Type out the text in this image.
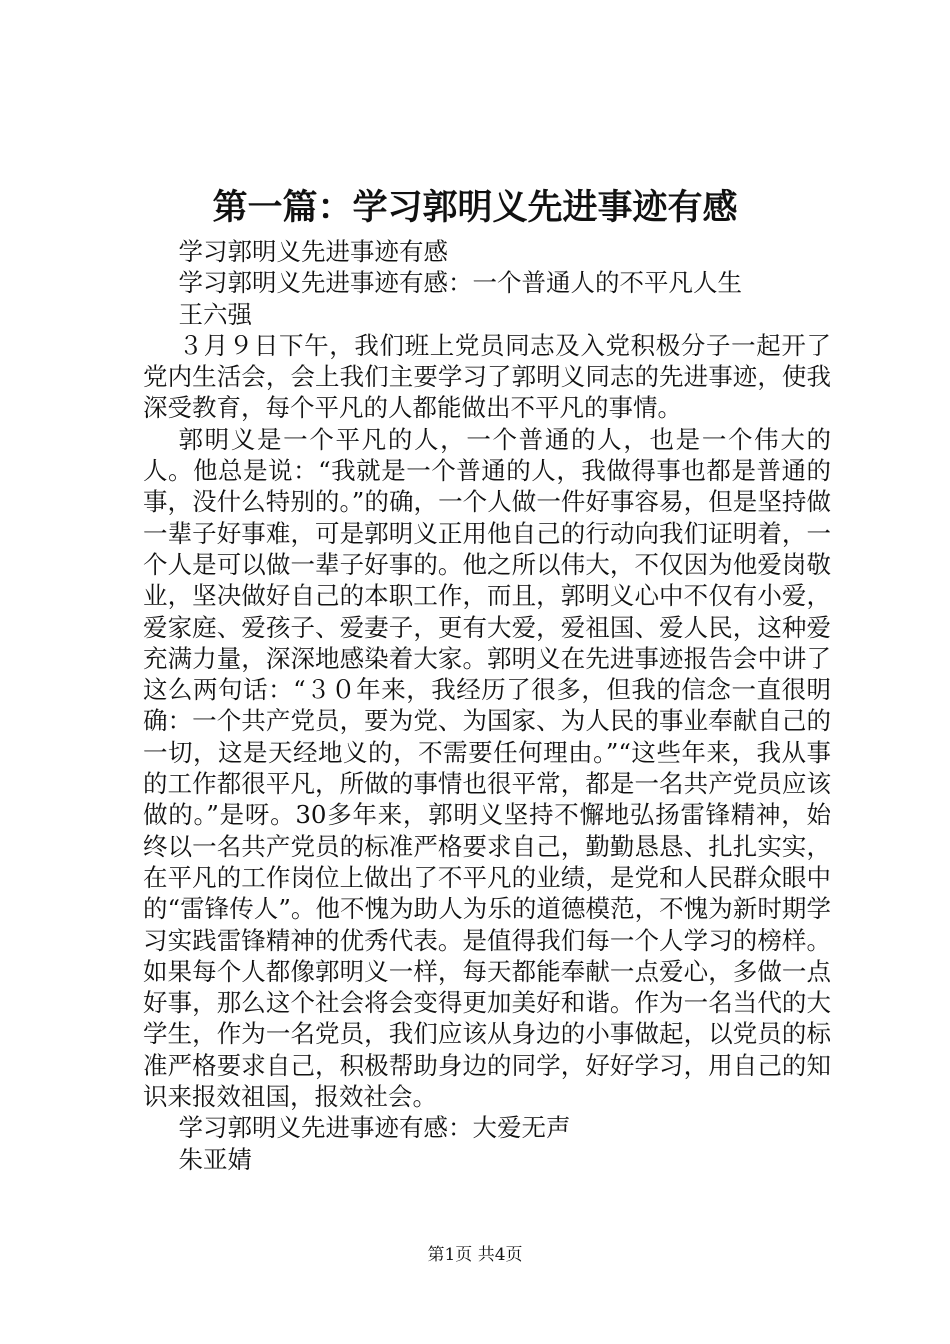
第一篇：学习郭明义先进事迹有感

学习郭明义先进事迹有感

学习郭明义先进事迹有感：一个普通人的不平凡人生

王六强

３月９日下午，我们班上党员同志及入党积极分子一起开了党内生活会，会上我们主要学习了郭明义同志的先进事迹，使我深受教育，每个平凡的人都能做出不平凡的事情。

郭明义是一个平凡的人，一个普通的人，也是一个伟大的人。他总是说：“我就是一个普通的人，我做得事也都是普通的事，没什么特别的。”的确，一个人做一件好事容易，但是坚持做一辈子好事难，可是郭明义正用他自己的行动向我们证明着，一个人是可以做一辈子好事的。他之所以伟大，不仅因为他爱岗敬业，坚决做好自己的本职工作，而且，郭明义心中不仅有小爱，爱家庭、爱孩子、爱妻子，更有大爱，爱祖国、爱人民，这种爱充满力量，深深地感染着大家。郭明义在先进事迹报告会中讲了这么两句话：“３０年来，我经历了很多，但我的信念一直很明确：一个共产党员，要为党、为国家、为人民的事业奉献自己的一切，这是天经地义的，不需要任何理由。”“这些年来，我从事的工作都很平凡，所做的事情也很平常，都是一名共产党员应该做的。”是呀。30多年来，郭明义坚持不懈地弘扬雷锋精神，始终以一名共产党员的标准严格要求自己，勤勤恳恳、扎扎实实，在平凡的工作岗位上做出了不平凡的业绩，是党和人民群众眼中的“雷锋传人”。他不愧为助人为乐的道德模范，不愧为新时期学习实践雷锋精神的优秀代表。是值得我们每一个人学习的榜样。如果每个人都像郭明义一样，每天都能奉献一点爱心，多做一点好事，那么这个社会将会变得更加美好和谐。作为一名当代的大学生，作为一名党员，我们应该从身边的小事做起，以党员的标准严格要求自己，积极帮助身边的同学，好好学习，用自己的知识来报效祖国，报效社会。

学习郭明义先进事迹有感：大爱无声

朱亚婧

第1页 共4页
